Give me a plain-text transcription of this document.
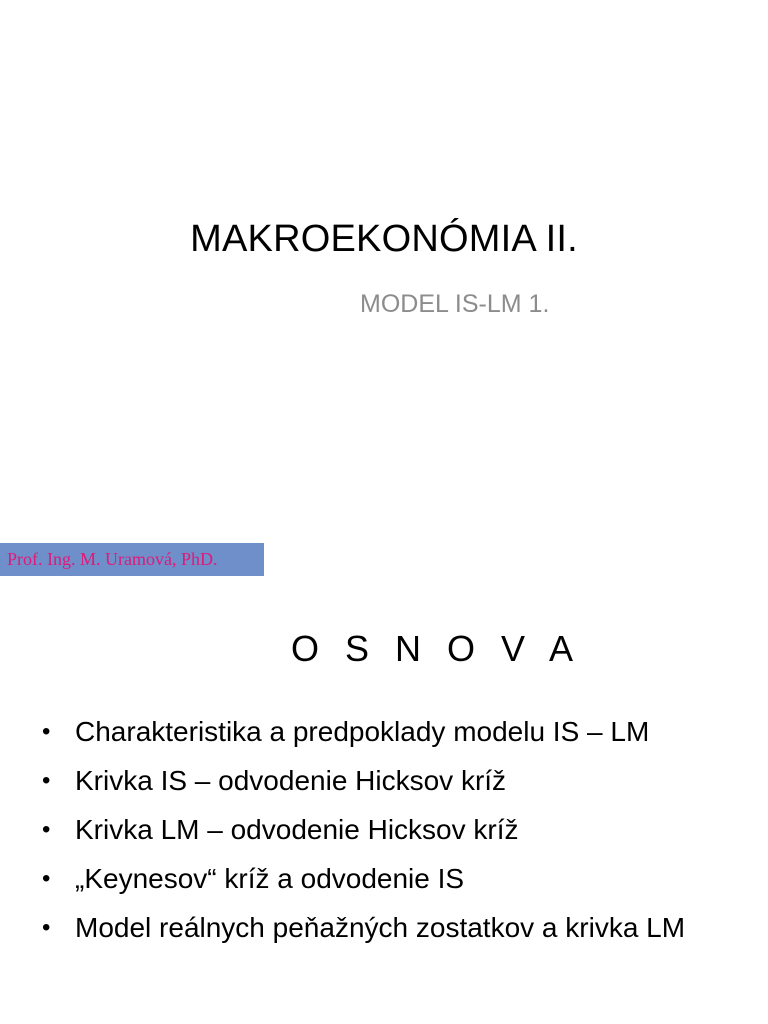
MAKROEKONÓMIA II.
MODEL IS-LM 1.
Prof. Ing. M. Uramová, PhD.
O S N O V A
• Charakteristika a predpoklady modelu IS – LM
• Krivka IS – odvodenie Hicksov kríž
• Krivka LM – odvodenie Hicksov kríž
• „Keynesov“ kríž a odvodenie IS
• Model reálnych peňažných zostatkov a krivka LM
